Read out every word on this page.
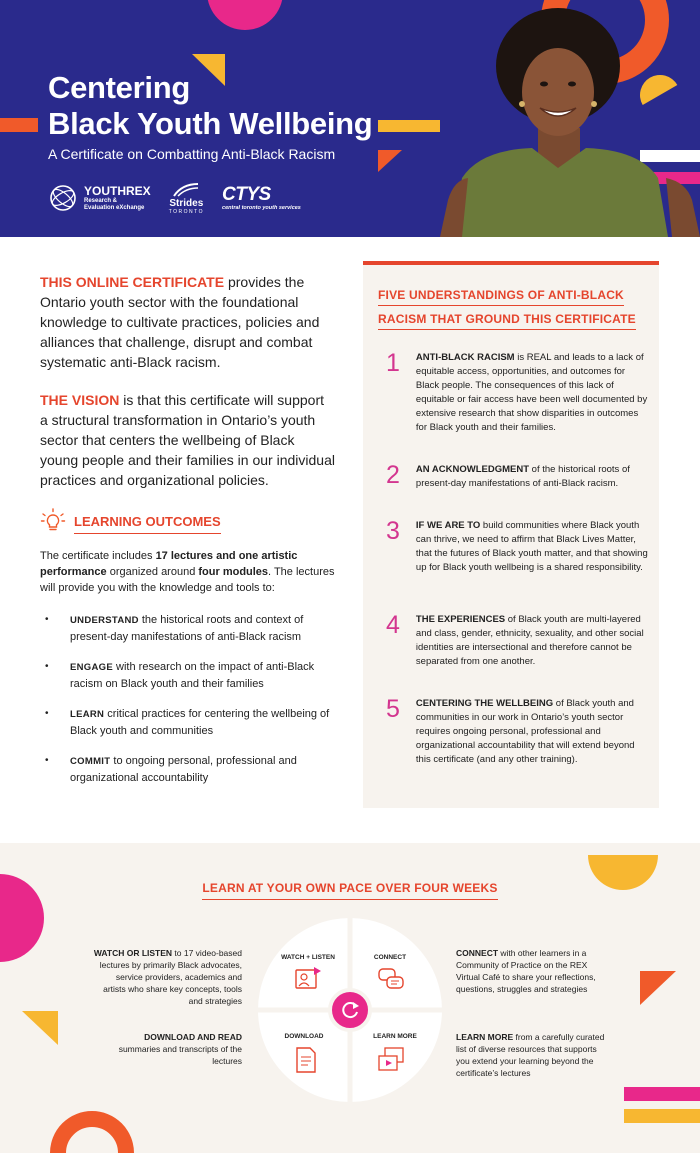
Centering
Black Youth Wellbeing
A Certificate on Combatting Anti-Black Racism
YOUTHREX
Research &
Evaluation eXchange	Strides
TORONTO
CTYS
central toronto youth services

THIS ONLINE CERTIFICATE provides the Ontario youth sector with the foundational knowledge to cultivate practices, policies and alliances that challenge, disrupt and combat systematic anti-Black racism.

THE VISION is that this certificate will support a structural transformation in Ontario’s youth sector that centers the wellbeing of Black young people and their families in our individual practices and organizational policies.

LEARNING OUTCOMES

The certificate includes 17 lectures and one artistic performance organized around four modules. The lectures will provide you with the knowledge and tools to:

• UNDERSTAND the historical roots and context of present-day manifestations of anti-Black racism
• ENGAGE with research on the impact of anti-Black racism on Black youth and their families
• LEARN critical practices for centering the wellbeing of Black youth and communities
• COMMIT to ongoing personal, professional and organizational accountability
FIVE UNDERSTANDINGS OF ANTI-BLACK
RACISM THAT GROUND THIS CERTIFICATE
1 ANTI-BLACK RACISM is REAL and leads to a lack of equitable access, opportunities, and outcomes for Black people. The consequences of this lack of equitable or fair access have been well documented by extensive research that show disparities in outcomes for Black youth and their families.
2 AN ACKNOWLEDGMENT of the historical roots of present-day manifestations of anti-Black racism.
3 IF WE ARE TO build communities where Black youth can thrive, we need to affirm that Black Lives Matter, that the futures of Black youth matter, and that showing up for Black youth wellbeing is a shared responsibility.
4 THE EXPERIENCES of Black youth are multi-layered and class, gender, ethnicity, sexuality, and other social identities are intersectional and therefore cannot be separated from one another.
5 CENTERING THE WELLBEING of Black youth and communities in our work in Ontario’s youth sector requires ongoing personal, professional and organizational accountability that will extend beyond this certificate (and any other training).
LEARN AT YOUR OWN PACE OVER FOUR WEEKS
WATCH + LISTEN	CONNECT
DOWNLOAD	LEARN MORE
WATCH OR LISTEN to 17 video-based lectures by primarily Black advocates, service providers, academics and artists who share key concepts, tools and strategies
DOWNLOAD AND READ
summaries and transcripts of the lectures
CONNECT with other learners in a Community of Practice on the REX Virtual Café to share your reflections, questions, struggles and strategies
LEARN MORE from a carefully curated list of diverse resources that supports you extend your learning beyond the certificate’s lectures
